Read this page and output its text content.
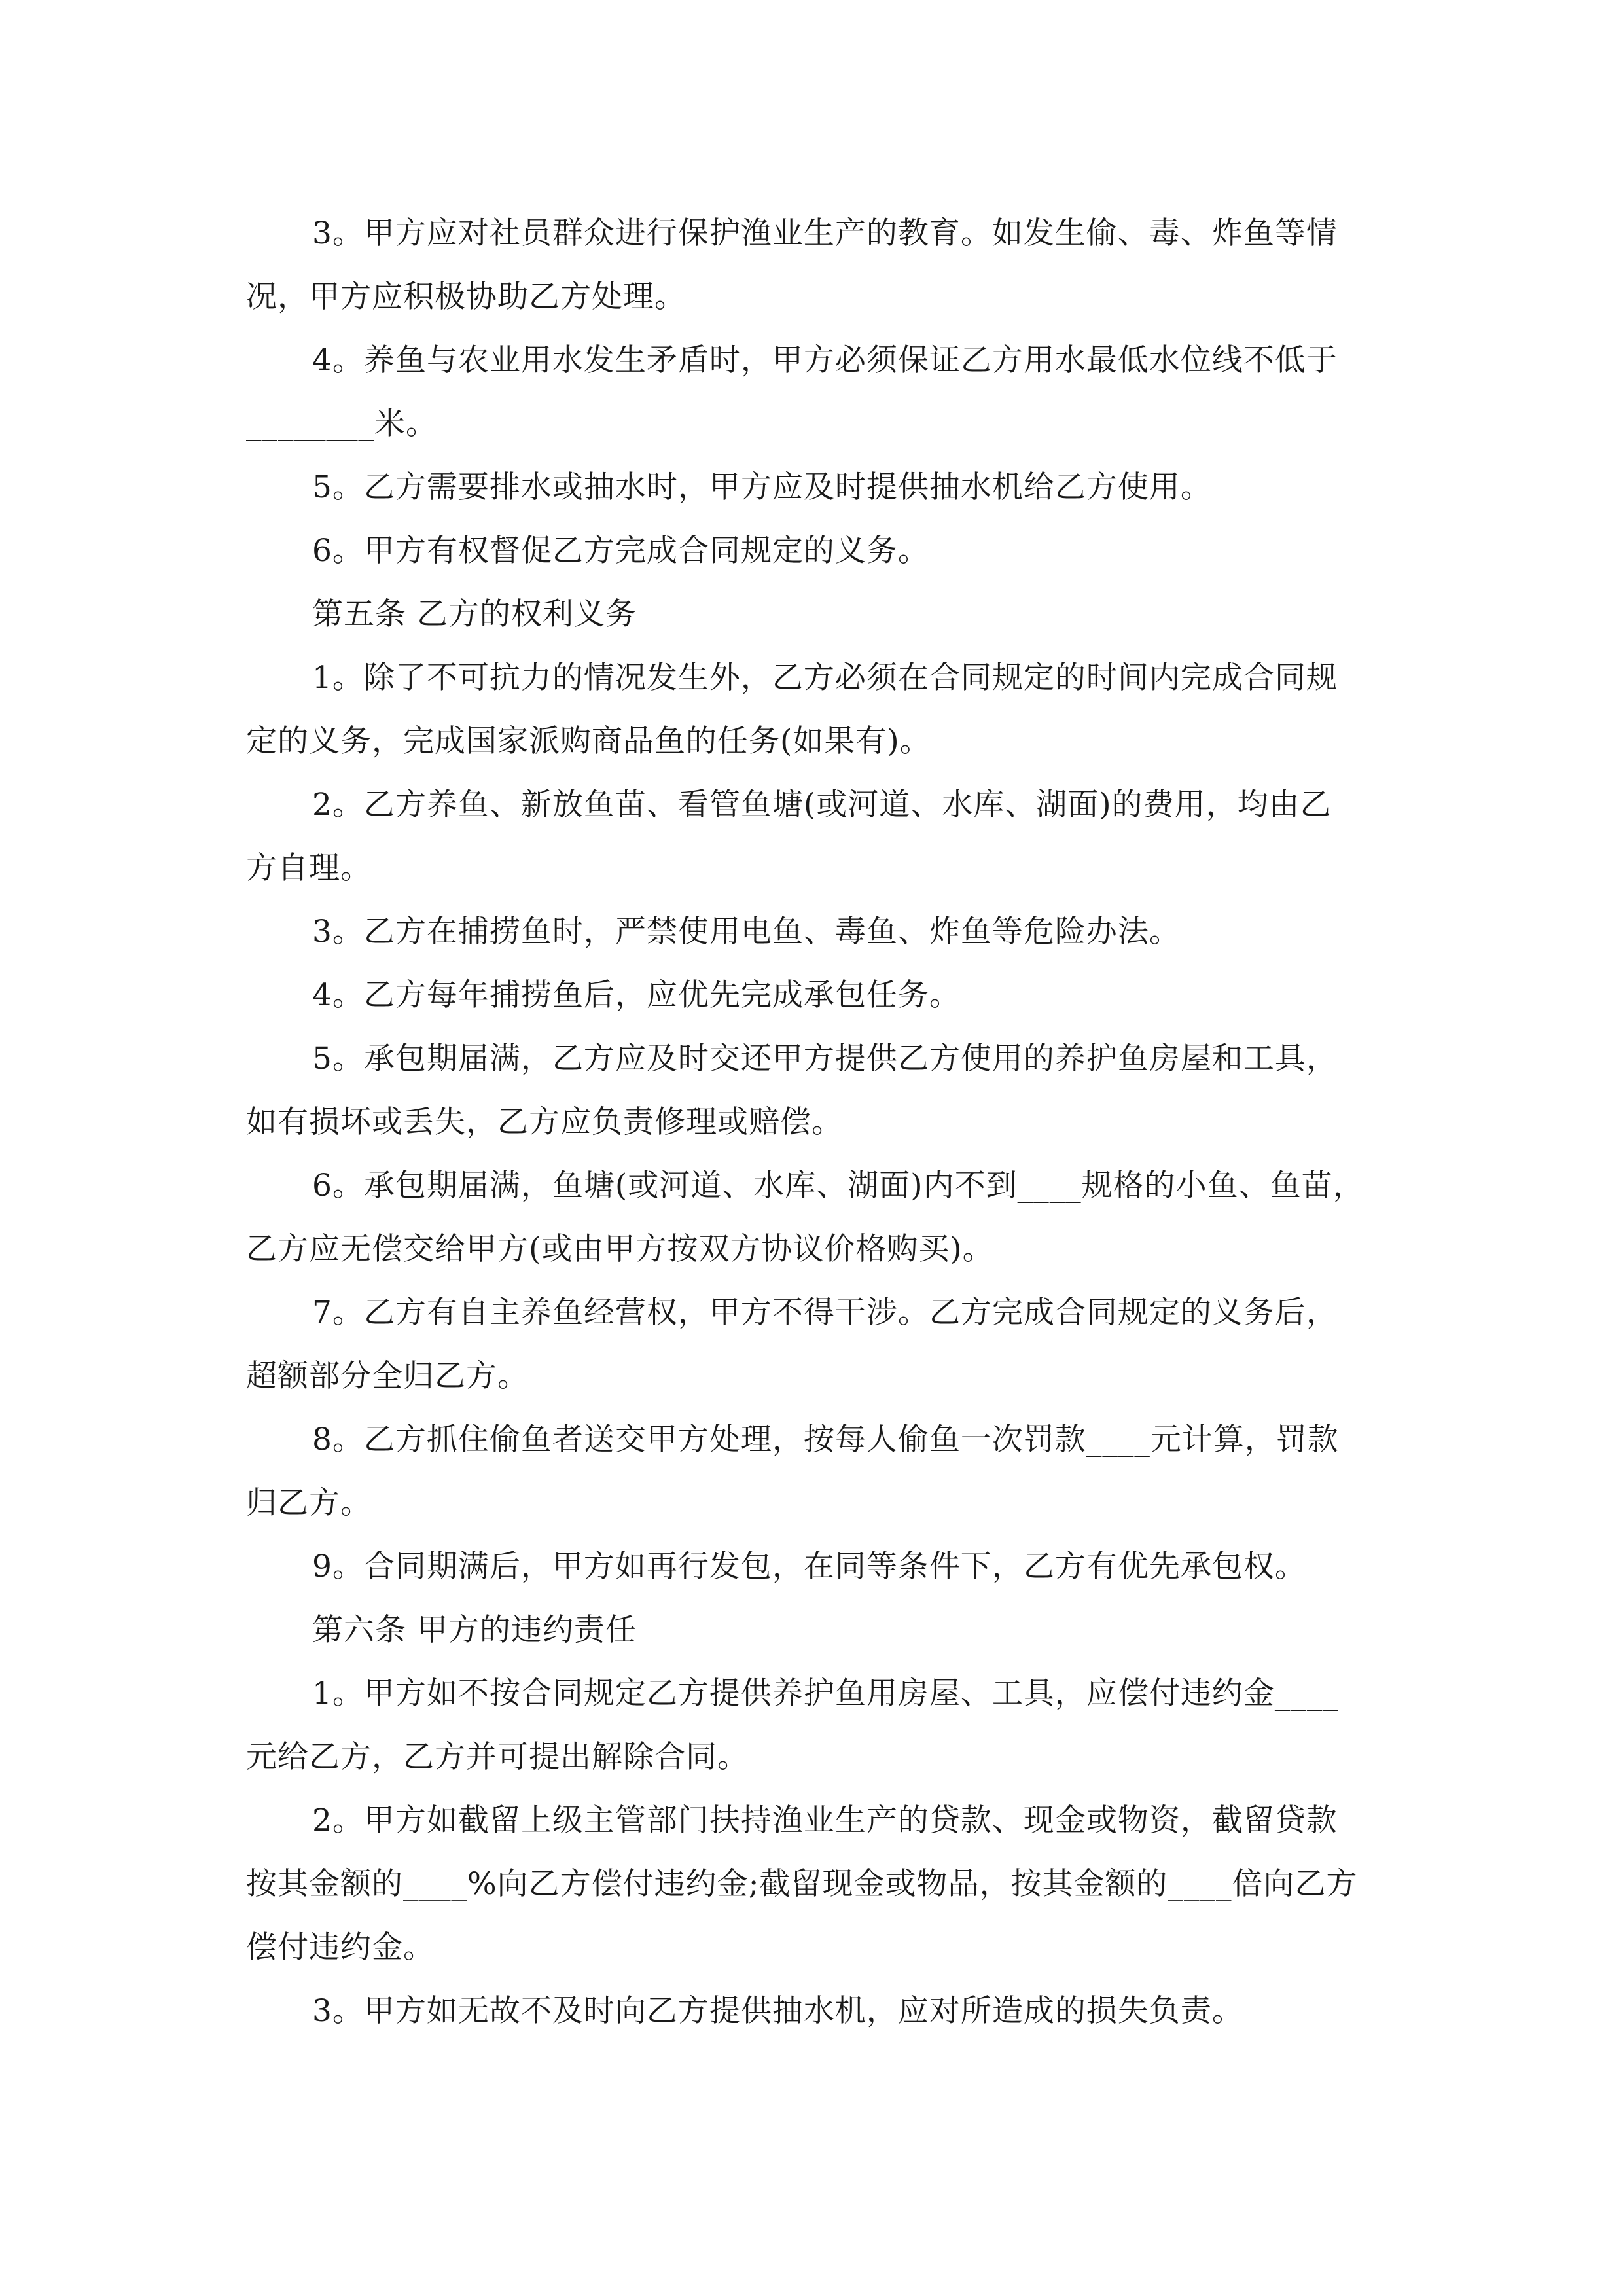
3。甲方应对社员群众进行保护渔业生产的教育。如发生偷、毒、炸鱼等情
况，甲方应积极协助乙方处理。
4。养鱼与农业用水发生矛盾时，甲方必须保证乙方用水最低水位线不低于
________米。
5。乙方需要排水或抽水时，甲方应及时提供抽水机给乙方使用。
6。甲方有权督促乙方完成合同规定的义务。
第五条 乙方的权利义务
1。除了不可抗力的情况发生外，乙方必须在合同规定的时间内完成合同规
定的义务，完成国家派购商品鱼的任务(如果有)。
2。乙方养鱼、新放鱼苗、看管鱼塘(或河道、水库、湖面)的费用，均由乙
方自理。
3。乙方在捕捞鱼时，严禁使用电鱼、毒鱼、炸鱼等危险办法。
4。乙方每年捕捞鱼后，应优先完成承包任务。
5。承包期届满，乙方应及时交还甲方提供乙方使用的养护鱼房屋和工具，
如有损坏或丢失，乙方应负责修理或赔偿。
6。承包期届满，鱼塘(或河道、水库、湖面)内不到____规格的小鱼、鱼苗，
乙方应无偿交给甲方(或由甲方按双方协议价格购买)。
7。乙方有自主养鱼经营权，甲方不得干涉。乙方完成合同规定的义务后，
超额部分全归乙方。
8。乙方抓住偷鱼者送交甲方处理，按每人偷鱼一次罚款____元计算，罚款
归乙方。
9。合同期满后，甲方如再行发包，在同等条件下，乙方有优先承包权。
第六条 甲方的违约责任
1。甲方如不按合同规定乙方提供养护鱼用房屋、工具，应偿付违约金____
元给乙方，乙方并可提出解除合同。
2。甲方如截留上级主管部门扶持渔业生产的贷款、现金或物资，截留贷款
按其金额的____%向乙方偿付违约金;截留现金或物品，按其金额的____倍向乙方
偿付违约金。
3。甲方如无故不及时向乙方提供抽水机，应对所造成的损失负责。
